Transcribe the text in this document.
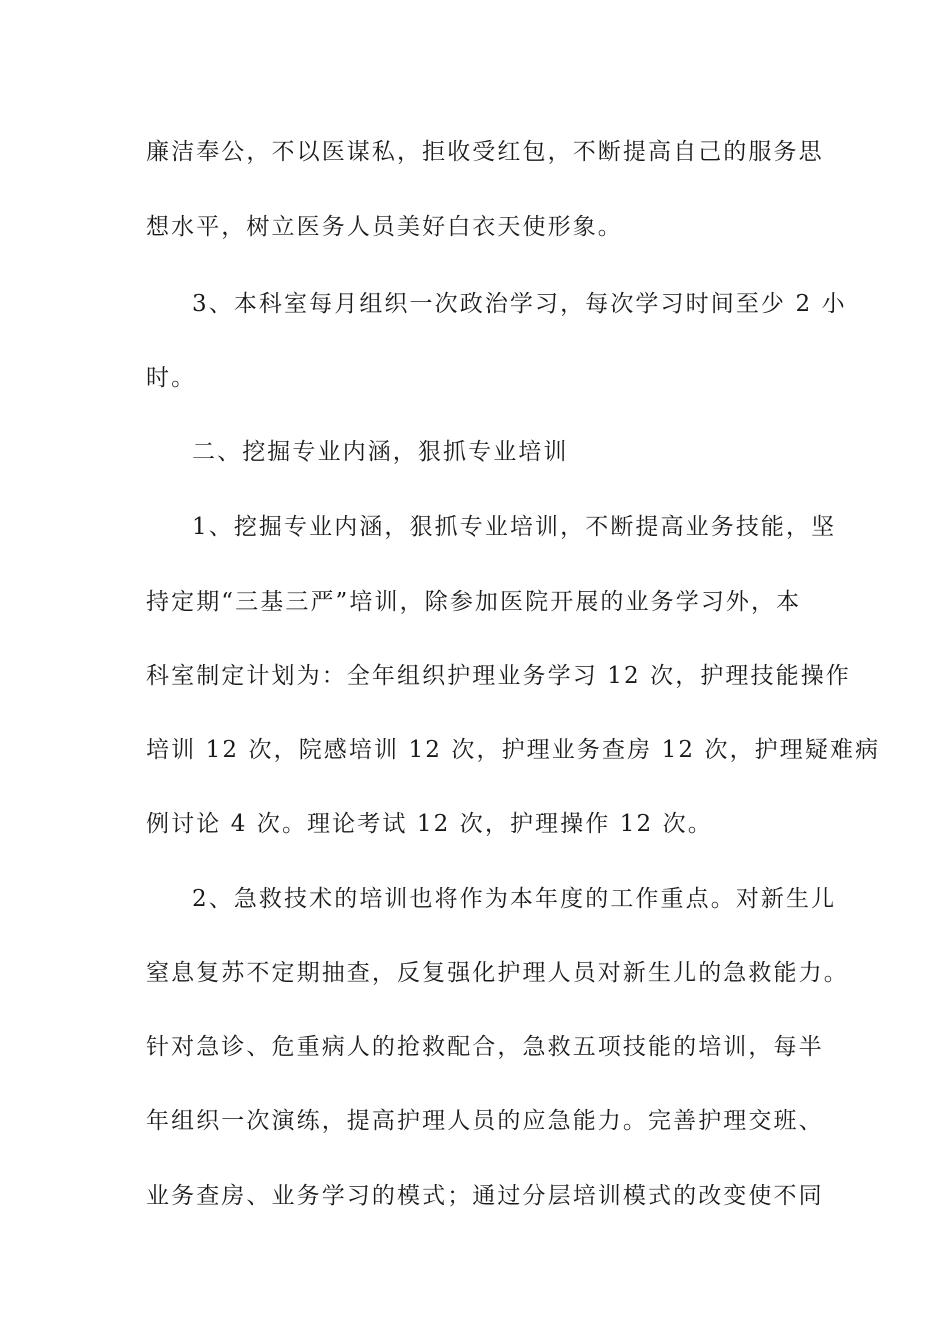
廉洁奉公，不以医谋私，拒收受红包，不断提高自己的服务思
想水平，树立医务人员美好白衣天使形象。
3、本科室每月组织一次政治学习，每次学习时间至少 2 小
时。
二、挖掘专业内涵，狠抓专业培训
1、挖掘专业内涵，狠抓专业培训，不断提高业务技能，坚
持定期“三基三严”培训，除参加医院开展的业务学习外，本
科室制定计划为：全年组织护理业务学习 12 次，护理技能操作
培训 12 次，院感培训 12 次，护理业务查房 12 次，护理疑难病
例讨论 4 次。理论考试 12 次，护理操作 12 次。
2、急救技术的培训也将作为本年度的工作重点。对新生儿
窒息复苏不定期抽查，反复强化护理人员对新生儿的急救能力。
针对急诊、危重病人的抢救配合，急救五项技能的培训，每半
年组织一次演练，提高护理人员的应急能力。完善护理交班、
业务查房、业务学习的模式；通过分层培训模式的改变使不同
